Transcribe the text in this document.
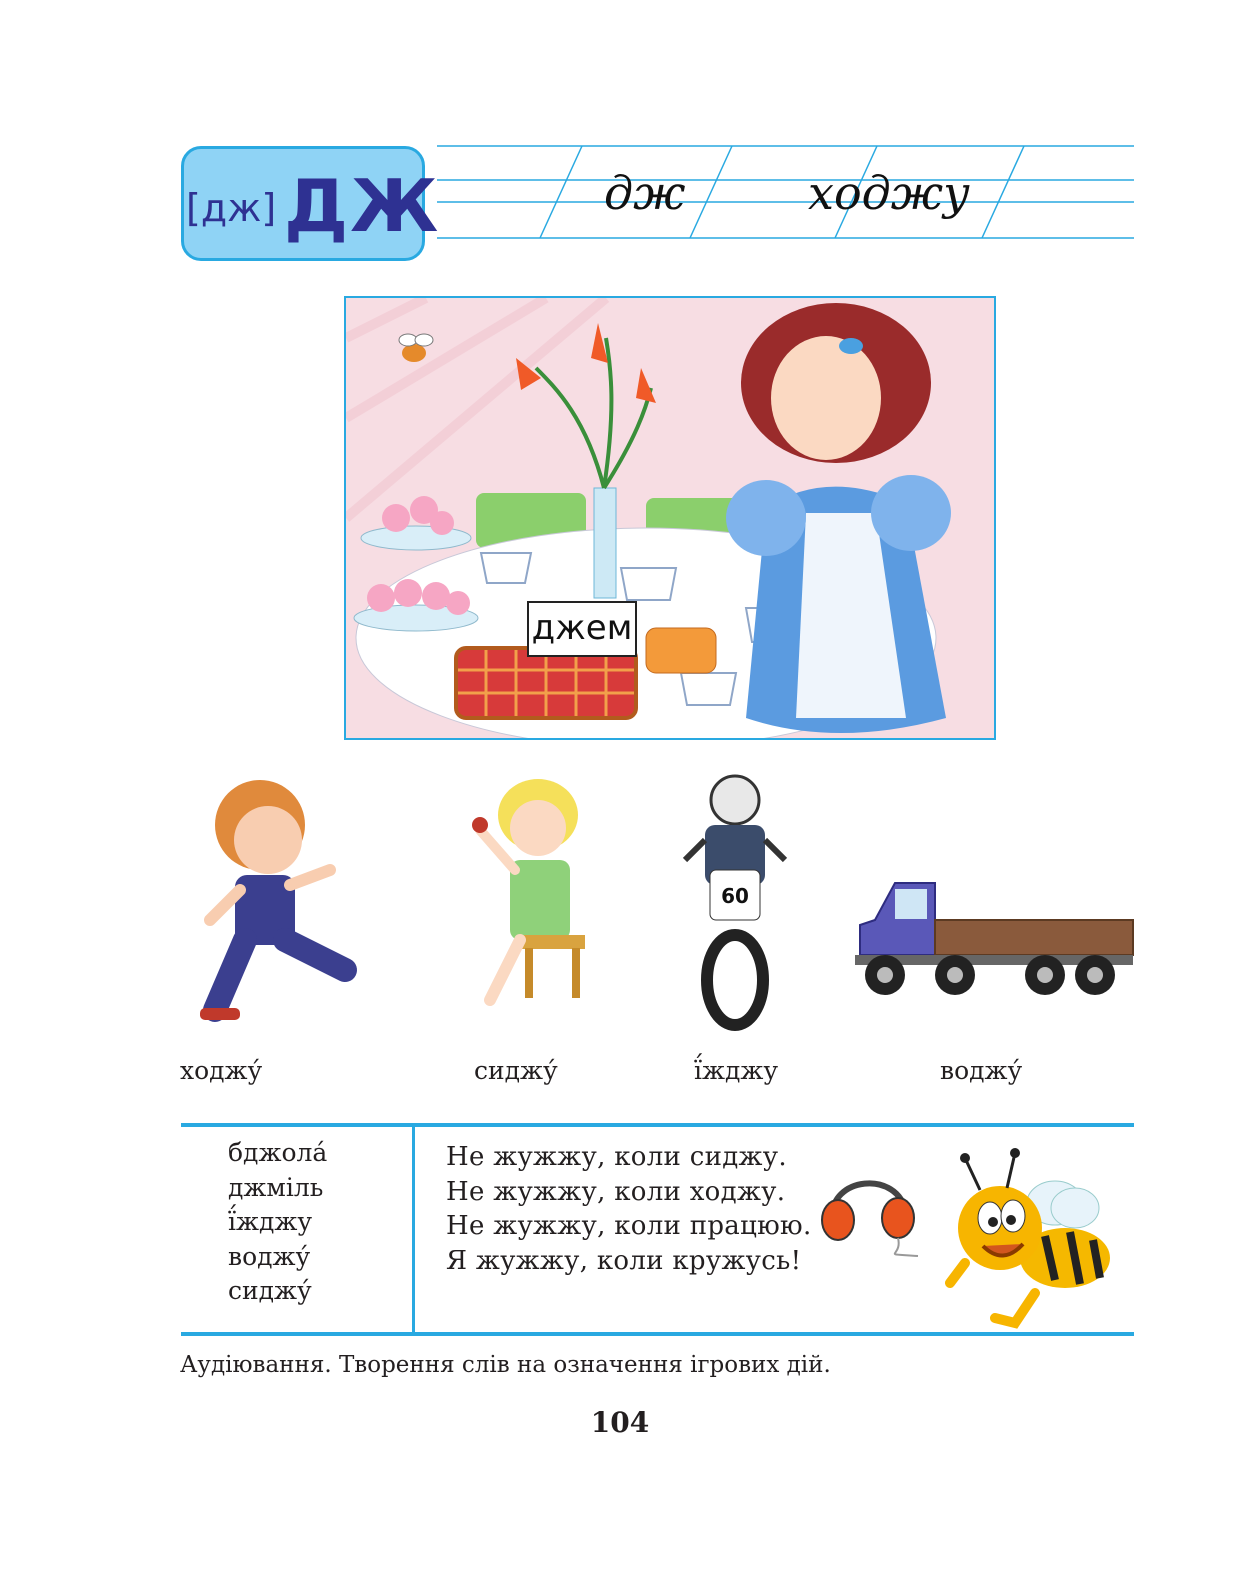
[дж] ДЖ	дж	ходжу
джем
60
ходжу́	сиджу́	ї́жджу	воджу́
бджола́
джміль
ї́жджу
воджу́
сиджу́
Не жужжу, коли сиджу.
Не жужжу, коли ходжу.
Не жужжу, коли працюю.
Я жужжу, коли кружусь!
Аудіювання. Творення слів на означення ігрових дій.
104
